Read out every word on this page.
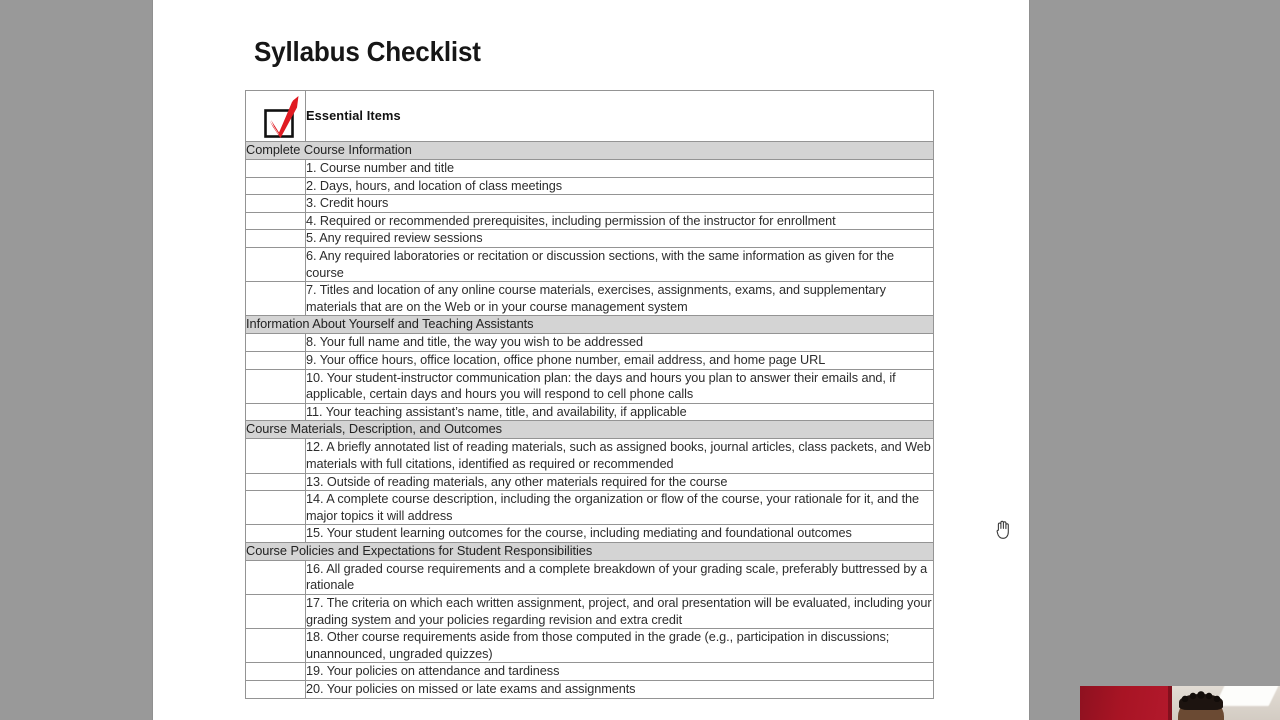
Syllabus Checklist
	Essential Items
Complete Course Information	
	1. Course number and title
	2. Days, hours, and location of class meetings
	3. Credit hours
	4. Required or recommended prerequisites, including permission of the instructor for enrollment
	5. Any required review sessions
	6. Any required laboratories or recitation or discussion sections, with the same information as given for the course
	7. Titles and location of any online course materials, exercises, assignments, exams, and supplementary materials that are on the Web or in your course management system
Information About Yourself and Teaching Assistants	
	8. Your full name and title, the way you wish to be addressed
	9. Your office hours, office location, office phone number, email address, and home page URL
	10. Your student-instructor communication plan: the days and hours you plan to answer their emails and, if applicable, certain days and hours you will respond to cell phone calls
	11. Your teaching assistant’s name, title, and availability, if applicable
Course Materials, Description, and Outcomes	
	12. A briefly annotated list of reading materials, such as assigned books, journal articles, class packets, and Web materials with full citations, identified as required or recommended
	13. Outside of reading materials, any other materials required for the course
	14. A complete course description, including the organization or flow of the course, your rationale for it, and the major topics it will address
	15. Your student learning outcomes for the course, including mediating and foundational outcomes
Course Policies and Expectations for Student Responsibilities	
	16. All graded course requirements and a complete breakdown of your grading scale, preferably buttressed by a rationale
	17. The criteria on which each written assignment, project, and oral presentation will be evaluated, including your grading system and your policies regarding revision and extra credit
	18. Other course requirements aside from those computed in the grade (e.g., participation in discussions; unannounced, ungraded quizzes)
	19. Your policies on attendance and tardiness
	20. Your policies on missed or late exams and assignments
